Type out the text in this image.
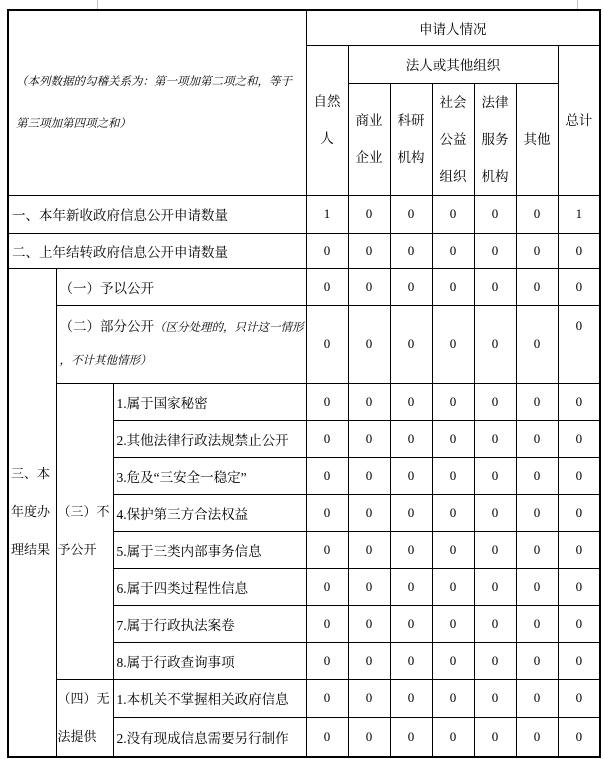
（本列数据的勾稽关系为：第一项加第二项之和，等于
第三项加第四项之和）			申请人情况						
			自然人	法人或其他组织					总计
				商业企业	科研机构	社会公益组织	法律服务机构	其他	
一、本年新收政府信息公开申请数量			1	0	0	0	0	0	1
二、上年结转政府信息公开申请数量			0	0	0	0	0	0	0
三、本年度办理结果	（一）予以公开		0	0	0	0	0	0	0

	（二）部分公开（区分处理的，只计这一情形
，不计其他情形）		0	0	0	0	0	0	0
	（三）不予公开	1.属于国家秘密	0	0	0	0	0	0	0
		2.其他法律行政法规禁止公开	0	0	0	0	0	0	0
		3.危及“三安全一稳定”	0	0	0	0	0	0	0
		4.保护第三方合法权益	0	0	0	0	0	0	0
		5.属于三类内部事务信息	0	0	0	0	0	0	0
		6.属于四类过程性信息	0	0	0	0	0	0	0
		7.属于行政执法案卷	0	0	0	0	0	0	0
		8.属于行政查询事项	0	0	0	0	0	0	0
	（四）无法提供	1.本机关不掌握相关政府信息	0	0	0	0	0	0	0
		2.没有现成信息需要另行制作	0	0	0	0	0	0	0
